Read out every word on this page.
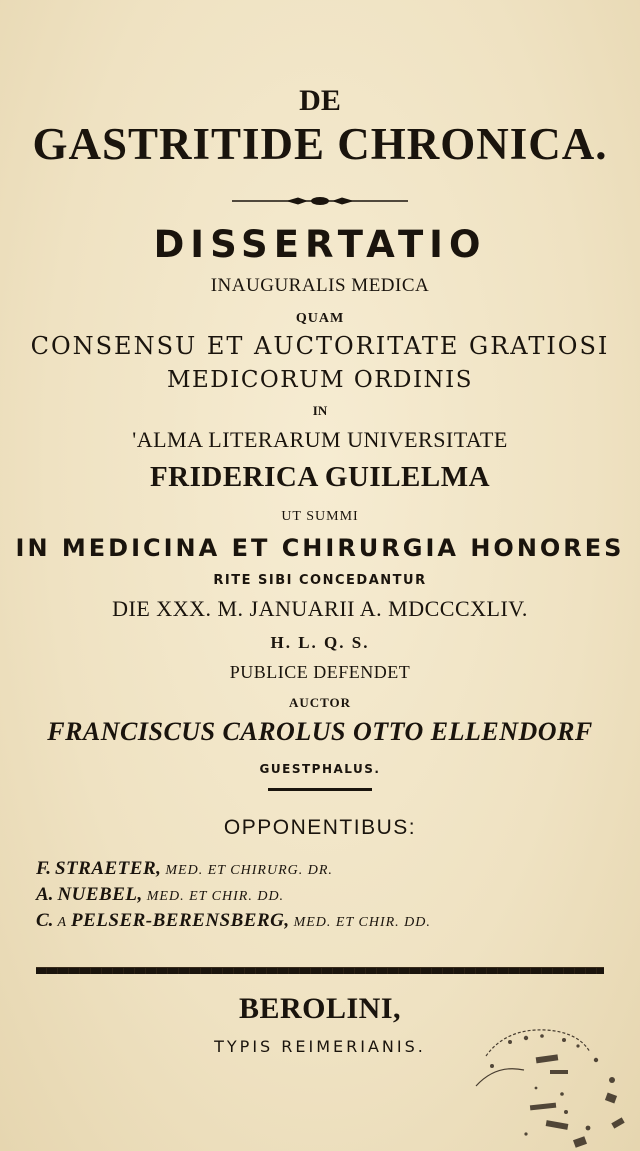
DE
GASTRITIDE CHRONICA.
DISSERTATIO
INAUGURALIS MEDICA
QUAM
CONSENSU ET AUCTORITATE GRATIOSI
MEDICORUM ORDINIS
IN
'ALMA LITERARUM UNIVERSITATE
FRIDERICA GUILELMA
UT SUMMI
IN MEDICINA ET CHIRURGIA HONORES
RITE SIBI CONCEDANTUR
DIE XXX. M. JANUARII A. MDCCCXLIV.
H. L. Q. S.
PUBLICE DEFENDET
AUCTOR
FRANCISCUS CAROLUS OTTO ELLENDORF
GUESTPHALUS.
OPPONENTIBUS:
F. STRAETER, MED. ET CHIRURG. DR.
A. NUEBEL, MED. ET CHIR. DD.
C. A PELSER-BERENSBERG, MED. ET CHIR. DD.
BEROLINI,
TYPIS REIMERIANIS.
